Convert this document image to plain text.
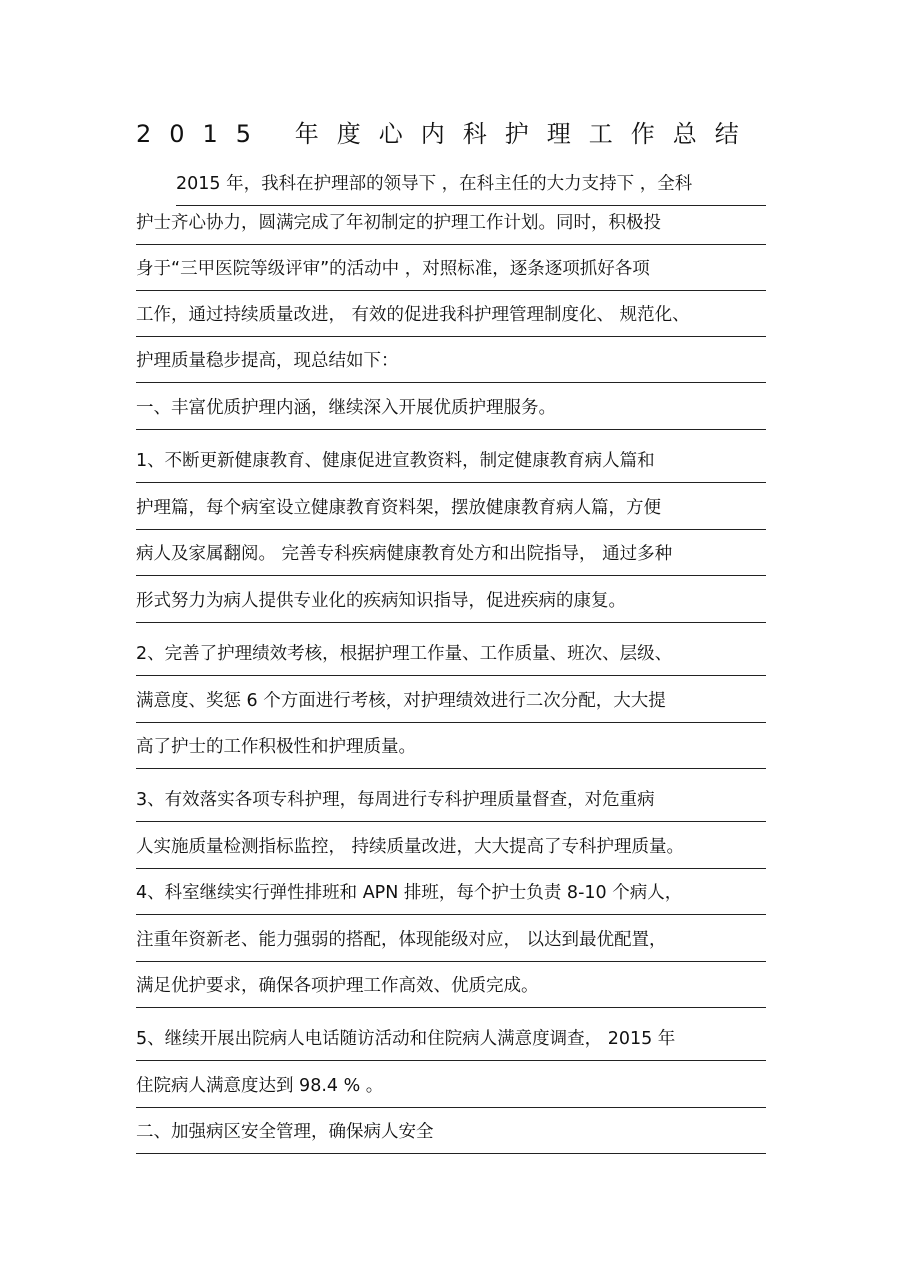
2015 年度心内科护理工作总结
2015 年，我科在护理部的领导下 ，在科主任的大力支持下 ，全科
护士齐心协力，圆满完成了年初制定的护理工作计划。同时，积极投
身于“三甲医院等级评审”的活动中 ，对照标准，逐条逐项抓好各项
工作，通过持续质量改进， 有效的促进我科护理管理制度化、 规范化、
护理质量稳步提高，现总结如下：
一、丰富优质护理内涵，继续深入开展优质护理服务。
1、不断更新健康教育、健康促进宣教资料，制定健康教育病人篇和
护理篇，每个病室设立健康教育资料架，摆放健康教育病人篇，方便
病人及家属翻阅。 完善专科疾病健康教育处方和出院指导， 通过多种
形式努力为病人提供专业化的疾病知识指导，促进疾病的康复。
2、完善了护理绩效考核，根据护理工作量、工作质量、班次、层级、
满意度、奖惩 6 个方面进行考核，对护理绩效进行二次分配，大大提
高了护士的工作积极性和护理质量。
3、有效落实各项专科护理，每周进行专科护理质量督查，对危重病
人实施质量检测指标监控， 持续质量改进，大大提高了专科护理质量。
4、科室继续实行弹性排班和 APN 排班，每个护士负责 8-10 个病人，
注重年资新老、能力强弱的搭配，体现能级对应， 以达到最优配置，
满足优护要求，确保各项护理工作高效、优质完成。
5、继续开展出院病人电话随访活动和住院病人满意度调查， 2015 年
住院病人满意度达到 98.4 % 。
二、加强病区安全管理，确保病人安全
